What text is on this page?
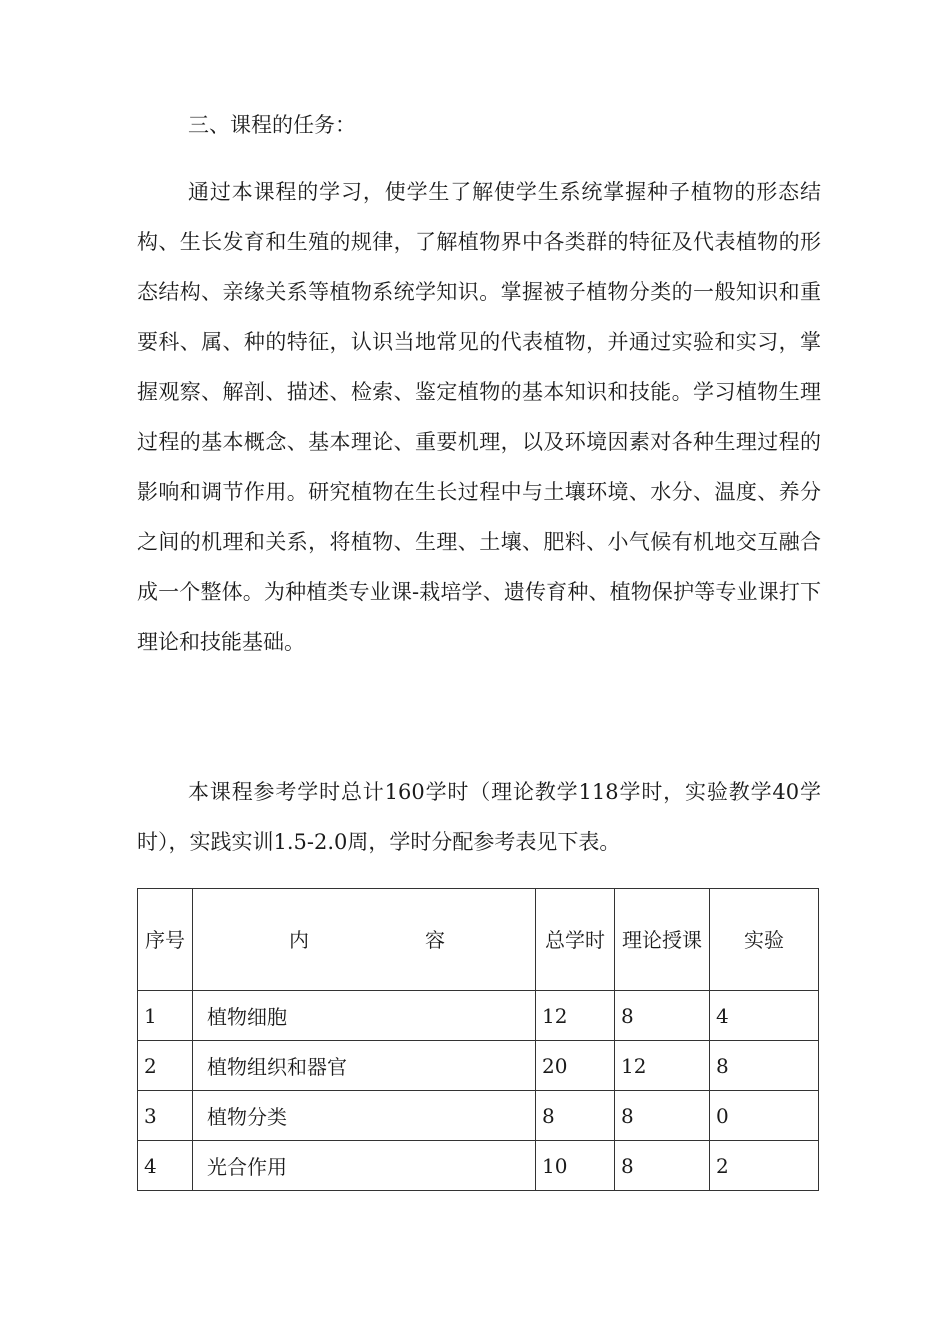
三、课程的任务：

通过本课程的学习，使学生了解使学生系统掌握种子植物的形态结构、生长发育和生殖的规律，了解植物界中各类群的特征及代表植物的形态结构、亲缘关系等植物系统学知识。掌握被子植物分类的一般知识和重要科、属、种的特征，认识当地常见的代表植物，并通过实验和实习，掌握观察、解剖、描述、检索、鉴定植物的基本知识和技能。学习植物生理过程的基本概念、基本理论、重要机理，以及环境因素对各种生理过程的影响和调节作用。研究植物在生长过程中与土壤环境、水分、温度、养分之间的机理和关系，将植物、生理、土壤、肥料、小气候有机地交互融合成一个整体。为种植类专业课-栽培学、遗传育种、植物保护等专业课打下理论和技能基础。

本课程参考学时总计160学时（理论教学118学时，实验教学40学时），实践实训1.5-2.0周，学时分配参考表见下表。

序号	内 容	总学时	理论授课	实验
1	植物细胞	12	8	4
2	植物组织和器官	20	12	8
3	植物分类	8	8	0
4	光合作用	10	8	2
